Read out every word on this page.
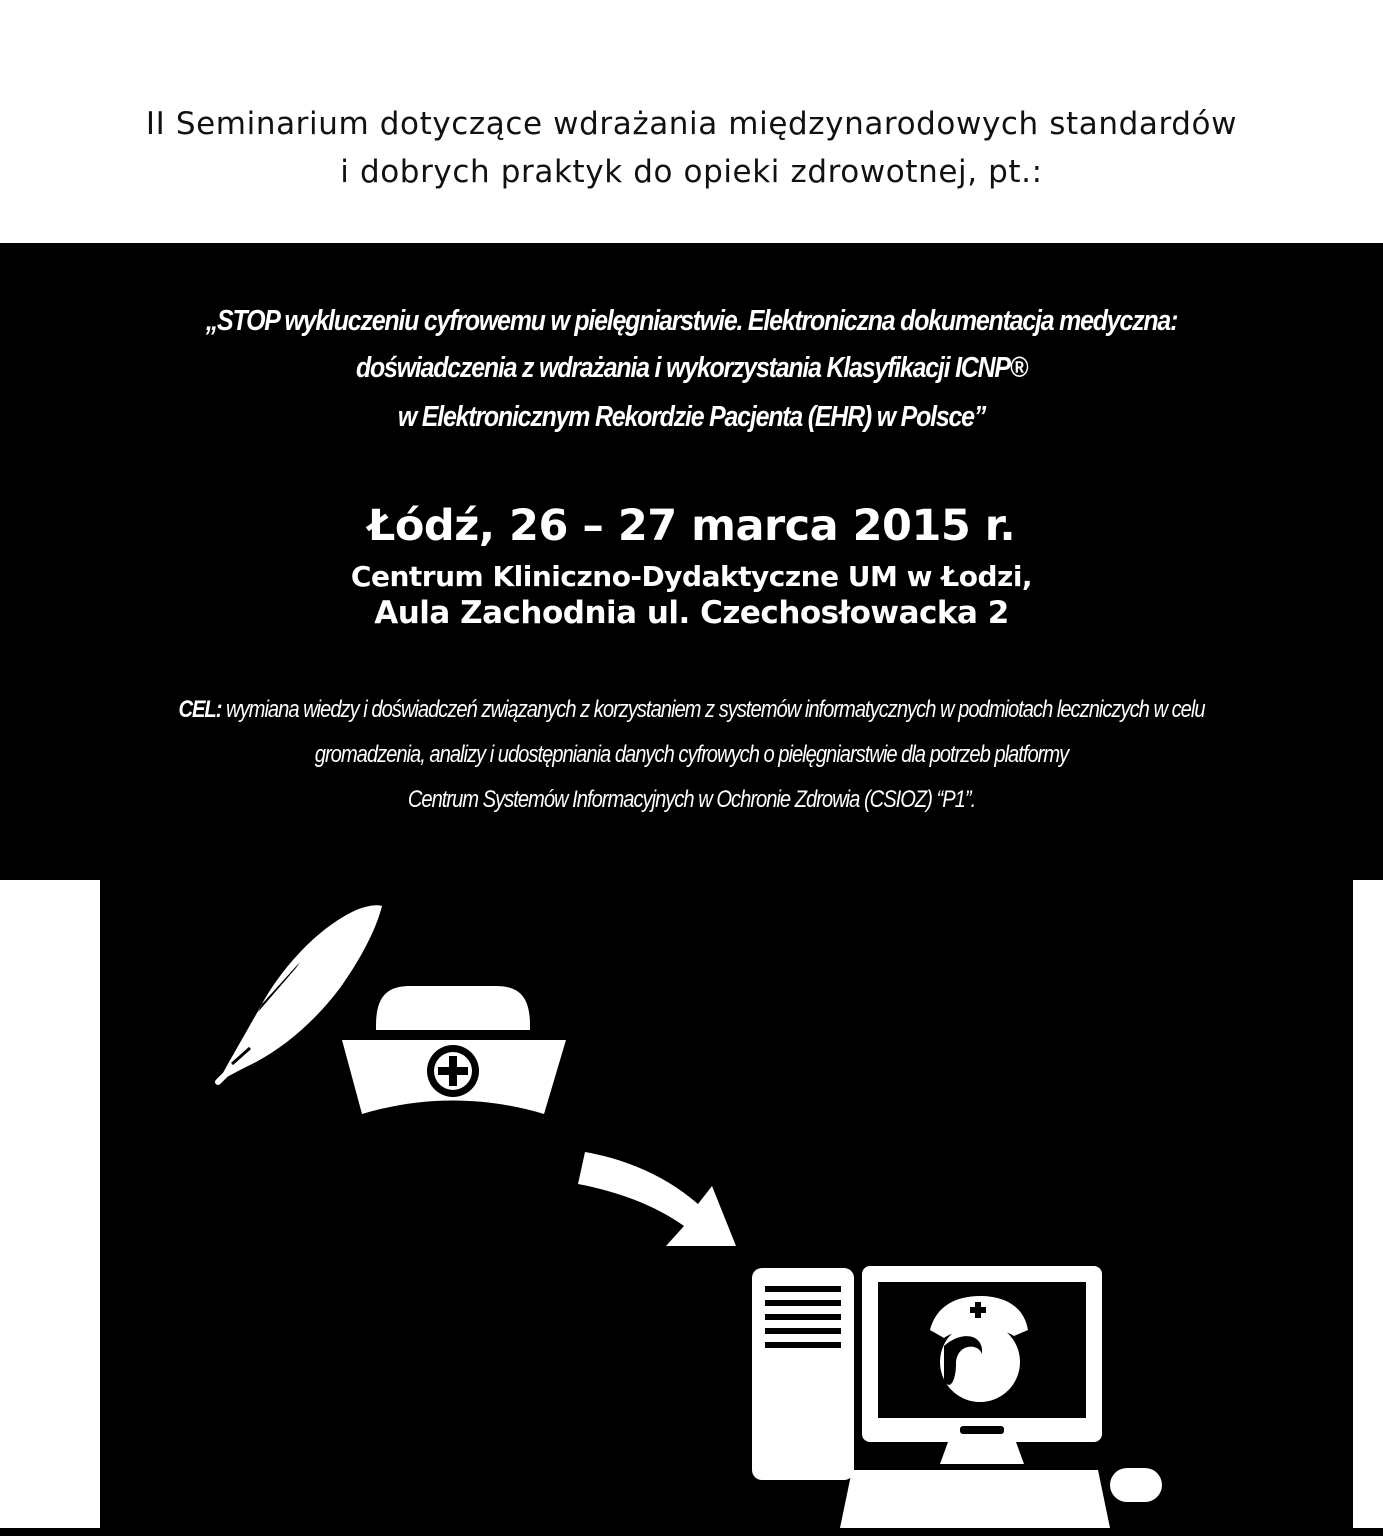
II Seminarium dotyczące wdrażania międzynarodowych standardów
i dobrych praktyk do opieki zdrowotnej, pt.:
„STOP wykluczeniu cyfrowemu w pielęgniarstwie. Elektroniczna dokumentacja medyczna:
doświadczenia z wdrażania i wykorzystania Klasyfikacji ICNP®
w Elektronicznym Rekordzie Pacjenta (EHR) w Polsce”
Łódź, 26 – 27 marca 2015 r.
Centrum Kliniczno-Dydaktyczne UM w Łodzi,
Aula Zachodnia ul. Czechosłowacka 2
CEL: wymiana wiedzy i doświadczeń związanych z korzystaniem z systemów informatycznych w podmiotach leczniczych w celu
gromadzenia, analizy i udostępniania danych cyfrowych o pielęgniarstwie dla potrzeb platformy
Centrum Systemów Informacyjnych w Ochronie Zdrowia (CSIOZ) “P1”.
